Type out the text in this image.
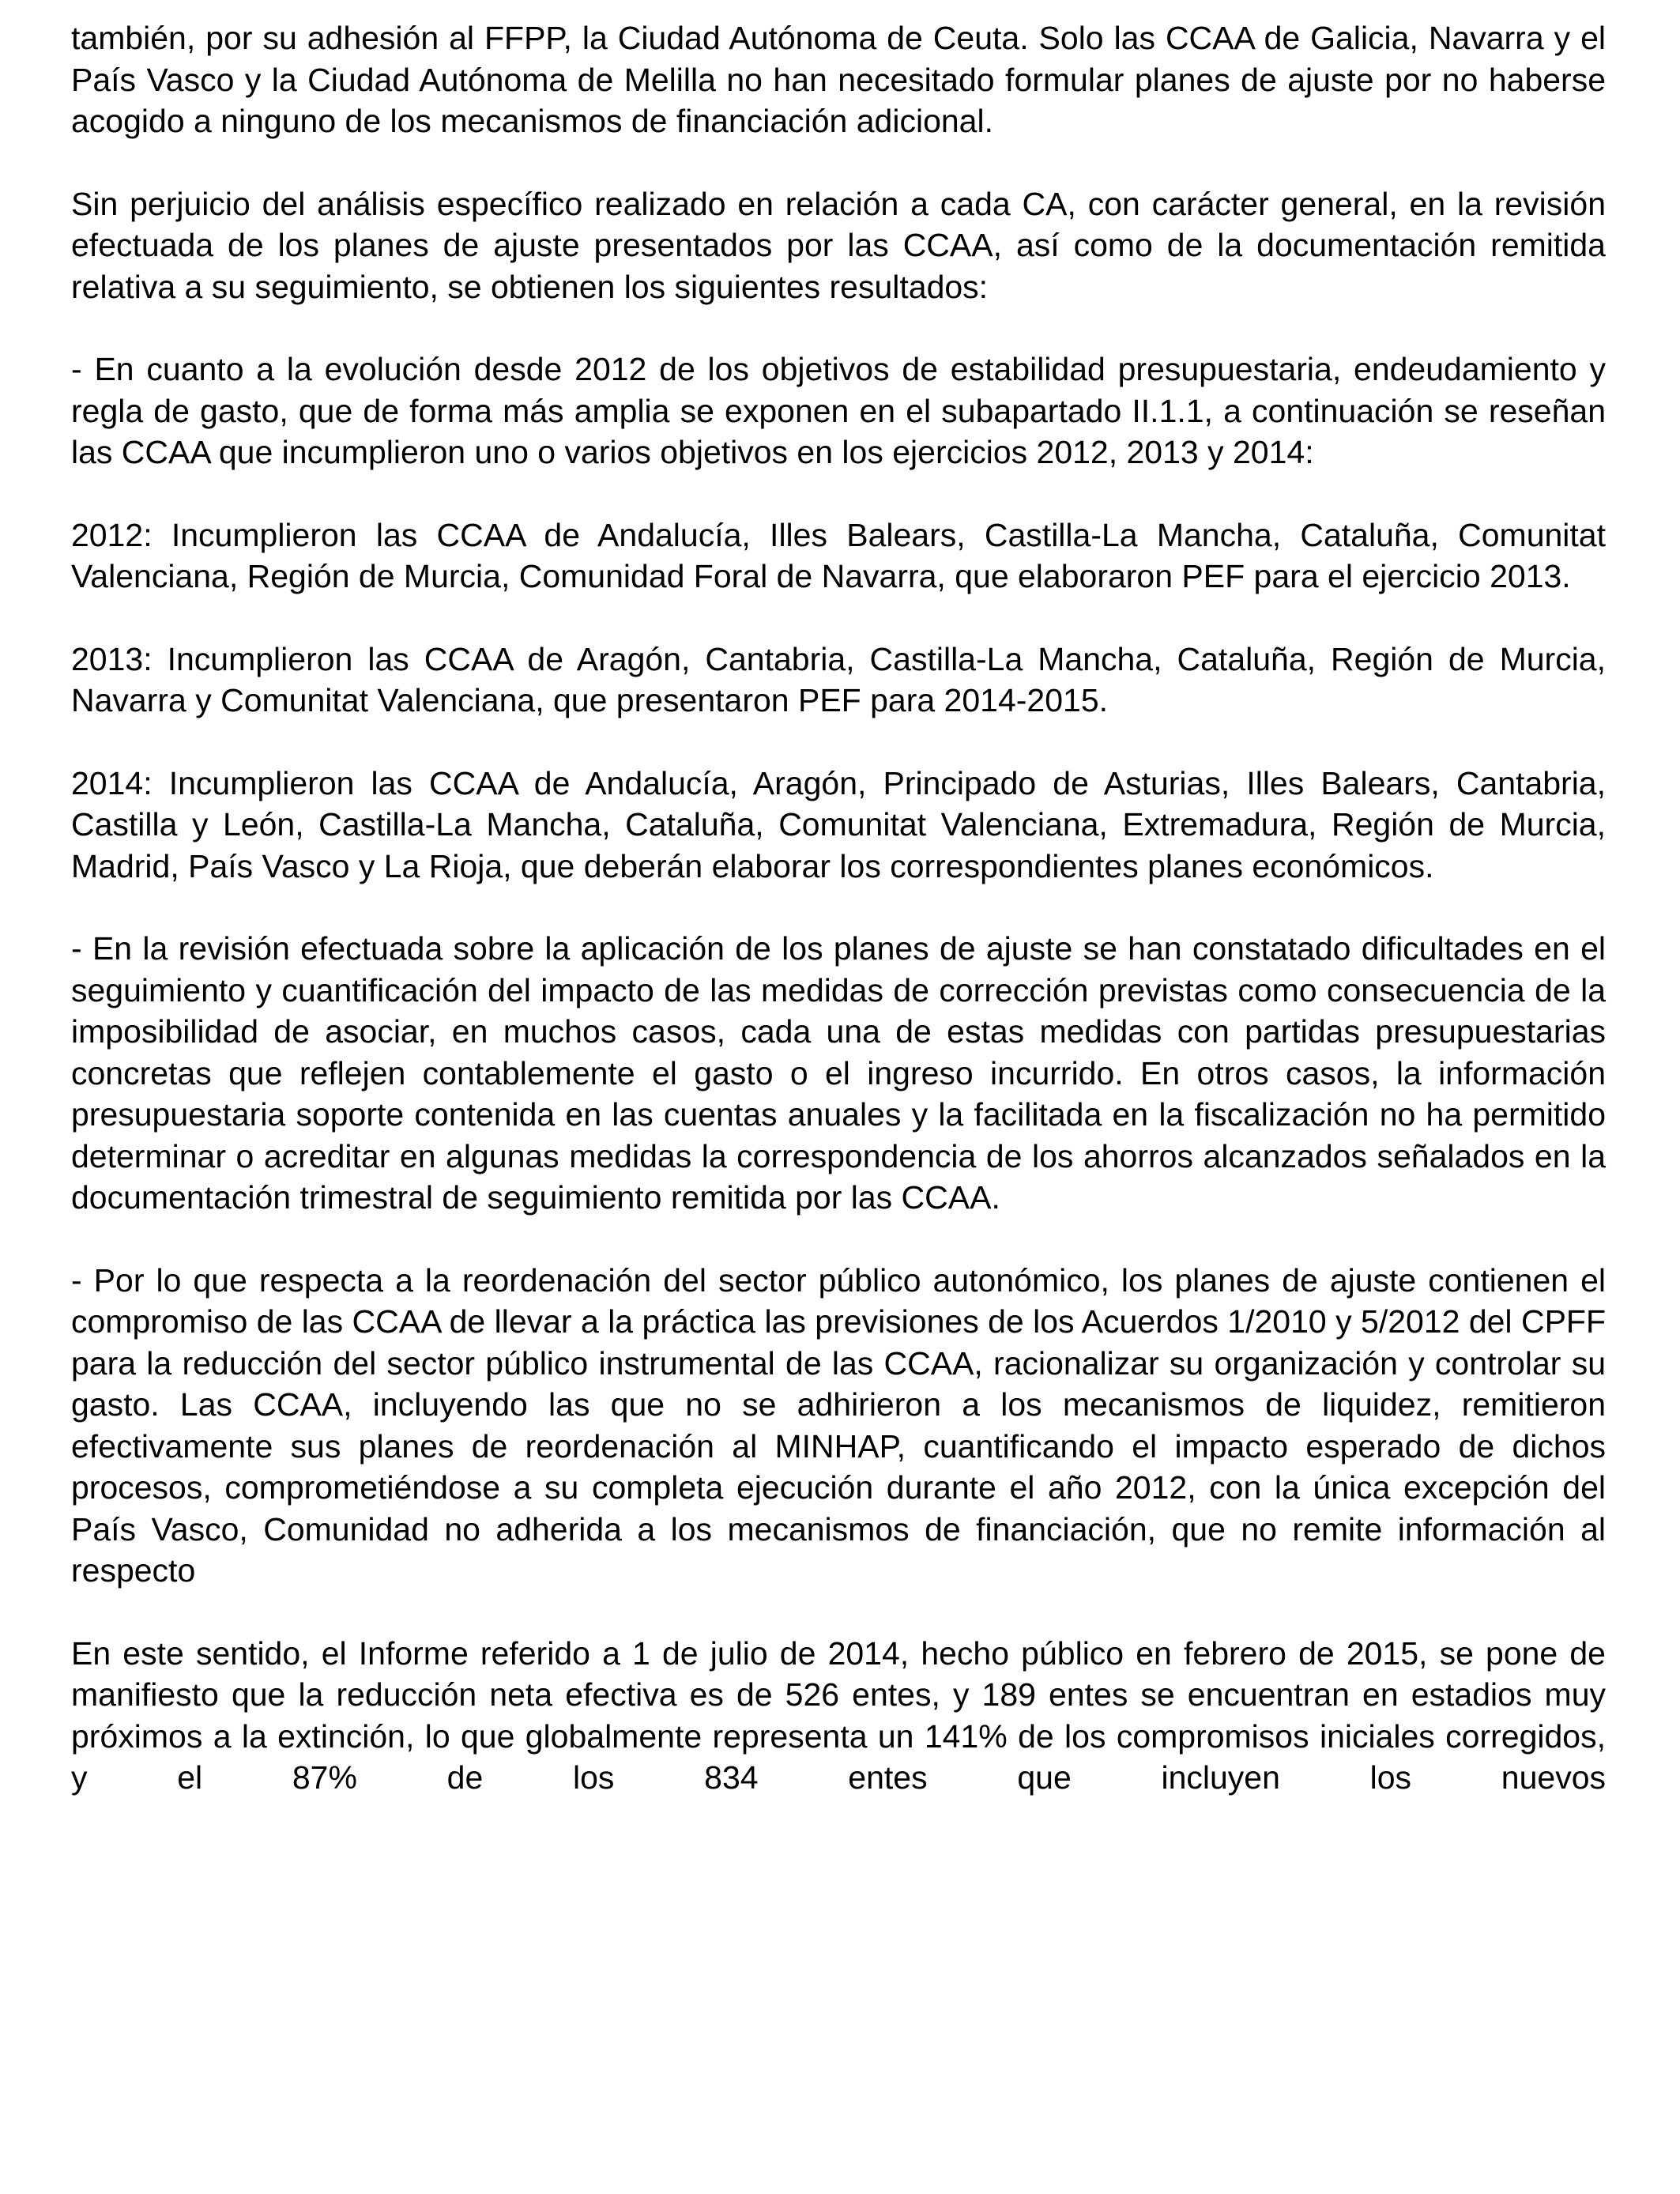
también, por su adhesión al FFPP, la Ciudad Autónoma de Ceuta. Solo las CCAA de Galicia, Navarra y el País Vasco y la Ciudad Autónoma de Melilla no han necesitado formular planes de ajuste por no haberse acogido a ninguno de los mecanismos de financiación adicional.

Sin perjuicio del análisis específico realizado en relación a cada CA, con carácter general, en la revisión efectuada de los planes de ajuste presentados por las CCAA, así como de la documentación remitida relativa a su seguimiento, se obtienen los siguientes resultados:

- En cuanto a la evolución desde 2012 de los objetivos de estabilidad presupuestaria, endeudamiento y regla de gasto, que de forma más amplia se exponen en el subapartado II.1.1, a continuación se reseñan las CCAA que incumplieron uno o varios objetivos en los ejercicios 2012, 2013 y 2014:

2012: Incumplieron las CCAA de Andalucía, Illes Balears, Castilla-La Mancha, Cataluña, Comunitat Valenciana, Región de Murcia, Comunidad Foral de Navarra, que elaboraron PEF para el ejercicio 2013.

2013: Incumplieron las CCAA de Aragón, Cantabria, Castilla-La Mancha, Cataluña, Región de Murcia, Navarra y Comunitat Valenciana, que presentaron PEF para 2014-2015.

2014: Incumplieron las CCAA de Andalucía, Aragón, Principado de Asturias, Illes Balears, Cantabria, Castilla y León, Castilla-La Mancha, Cataluña, Comunitat Valenciana, Extremadura, Región de Murcia, Madrid, País Vasco y La Rioja, que deberán elaborar los correspondientes planes económicos.

- En la revisión efectuada sobre la aplicación de los planes de ajuste se han constatado dificultades en el seguimiento y cuantificación del impacto de las medidas de corrección previstas como consecuencia de la imposibilidad de asociar, en muchos casos, cada una de estas medidas con partidas presupuestarias concretas que reflejen contablemente el gasto o el ingreso incurrido. En otros casos, la información presupuestaria soporte contenida en las cuentas anuales y la facilitada en la fiscalización no ha permitido determinar o acreditar en algunas medidas la correspondencia de los ahorros alcanzados señalados en la documentación trimestral de seguimiento remitida por las CCAA.

- Por lo que respecta a la reordenación del sector público autonómico, los planes de ajuste contienen el compromiso de las CCAA de llevar a la práctica las previsiones de los Acuerdos 1/2010 y 5/2012 del CPFF para la reducción del sector público instrumental de las CCAA, racionalizar su organización y controlar su gasto. Las CCAA, incluyendo las que no se adhirieron a los mecanismos de liquidez, remitieron efectivamente sus planes de reordenación al MINHAP, cuantificando el impacto esperado de dichos procesos, comprometiéndose a su completa ejecución durante el año 2012, con la única excepción del País Vasco, Comunidad no adherida a los mecanismos de financiación, que no remite información al respecto

En este sentido, el Informe referido a 1 de julio de 2014, hecho público en febrero de 2015, se pone de manifiesto que la reducción neta efectiva es de 526 entes, y 189 entes se encuentran en estadios muy próximos a la extinción, lo que globalmente representa un 141% de los compromisos iniciales corregidos, y el 87% de los 834 entes que incluyen los nuevos
